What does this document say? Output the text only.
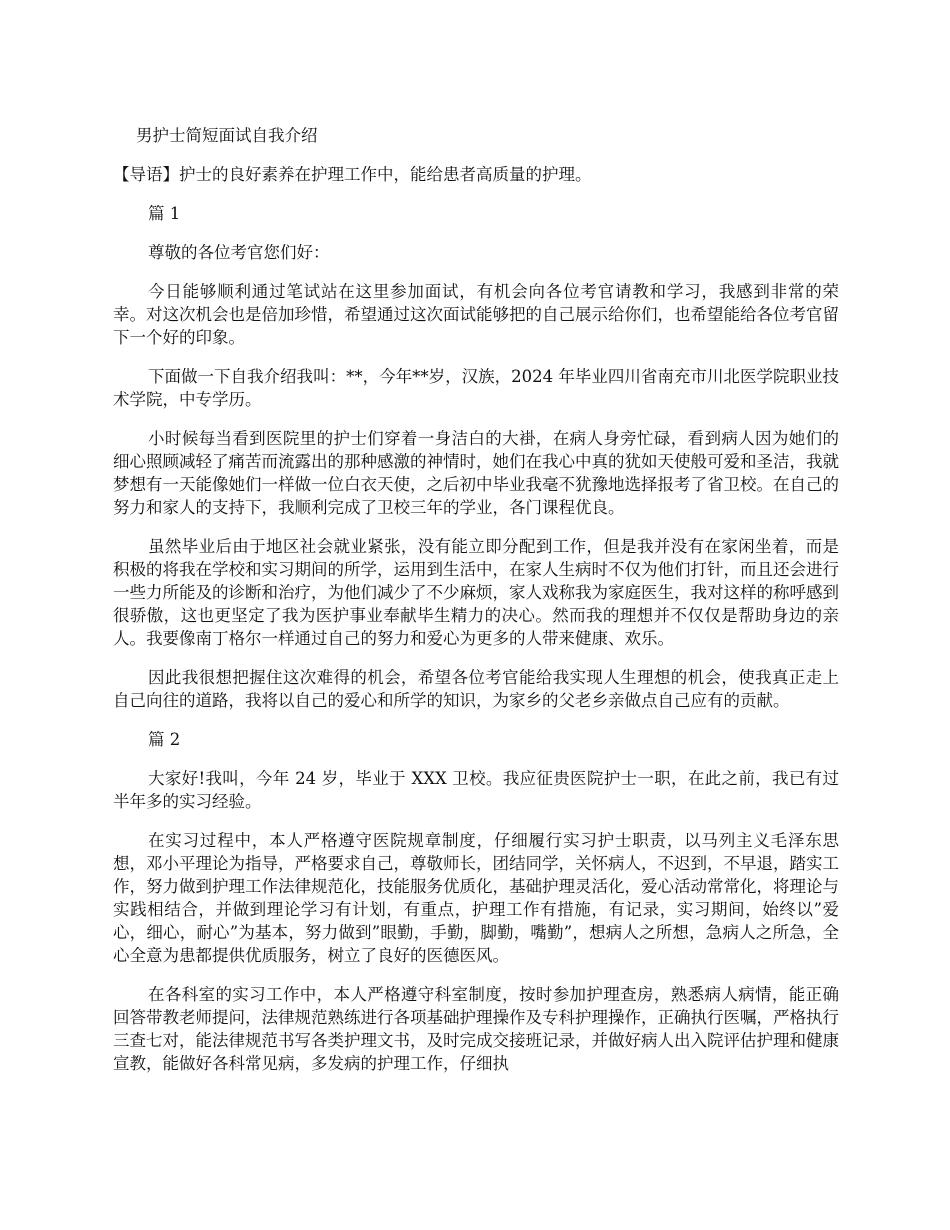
男护士简短面试自我介绍
【导语】护士的良好素养在护理工作中，能给患者高质量的护理。
篇 1

尊敬的各位考官您们好：

今日能够顺利通过笔试站在这里参加面试，有机会向各位考官请教和学习，我感到非常的荣幸。对这次机会也是倍加珍惜，希望通过这次面试能够把的自己展示给你们，也希望能给各位考官留下一个好的印象。

下面做一下自我介绍我叫：**，今年**岁，汉族，2024 年毕业四川省南充市川北医学院职业技术学院，中专学历。

小时候每当看到医院里的护士们穿着一身洁白的大褂，在病人身旁忙碌，看到病人因为她们的细心照顾减轻了痛苦而流露出的那种感激的神情时，她们在我心中真的犹如天使般可爱和圣洁，我就梦想有一天能像她们一样做一位白衣天使，之后初中毕业我毫不犹豫地选择报考了省卫校。在自己的努力和家人的支持下，我顺利完成了卫校三年的学业，各门课程优良。

虽然毕业后由于地区社会就业紧张，没有能立即分配到工作，但是我并没有在家闲坐着，而是积极的将我在学校和实习期间的所学，运用到生活中，在家人生病时不仅为他们打针，而且还会进行一些力所能及的诊断和治疗，为他们减少了不少麻烦，家人戏称我为家庭医生，我对这样的称呼感到很骄傲，这也更坚定了我为医护事业奉献毕生精力的决心。然而我的理想并不仅仅是帮助身边的亲人。我要像南丁格尔一样通过自己的努力和爱心为更多的人带来健康、欢乐。

因此我很想把握住这次难得的机会，希望各位考官能给我实现人生理想的机会，使我真正走上自己向往的道路，我将以自己的爱心和所学的知识，为家乡的父老乡亲做点自己应有的贡献。

篇 2

大家好!我叫，今年 24 岁，毕业于 XXX 卫校。我应征贵医院护士一职，在此之前，我已有过半年多的实习经验。

在实习过程中，本人严格遵守医院规章制度，仔细履行实习护士职责，以马列主义毛泽东思想，邓小平理论为指导，严格要求自己，尊敬师长，团结同学，关怀病人，不迟到，不早退，踏实工作，努力做到护理工作法律规范化，技能服务优质化，基础护理灵活化，爱心活动常常化，将理论与实践相结合，并做到理论学习有计划，有重点，护理工作有措施，有记录，实习期间，始终以”爱心，细心，耐心”为基本，努力做到”眼勤，手勤，脚勤，嘴勤”，想病人之所想，急病人之所急，全心全意为患都提供优质服务，树立了良好的医德医风。

在各科室的实习工作中，本人严格遵守科室制度，按时参加护理查房，熟悉病人病情，能正确回答带教老师提问，法律规范熟练进行各项基础护理操作及专科护理操作，正确执行医嘱，严格执行三查七对，能法律规范书写各类护理文书，及时完成交接班记录，并做好病人出入院评估护理和健康宣教，能做好各科常见病，多发病的护理工作，仔细执
